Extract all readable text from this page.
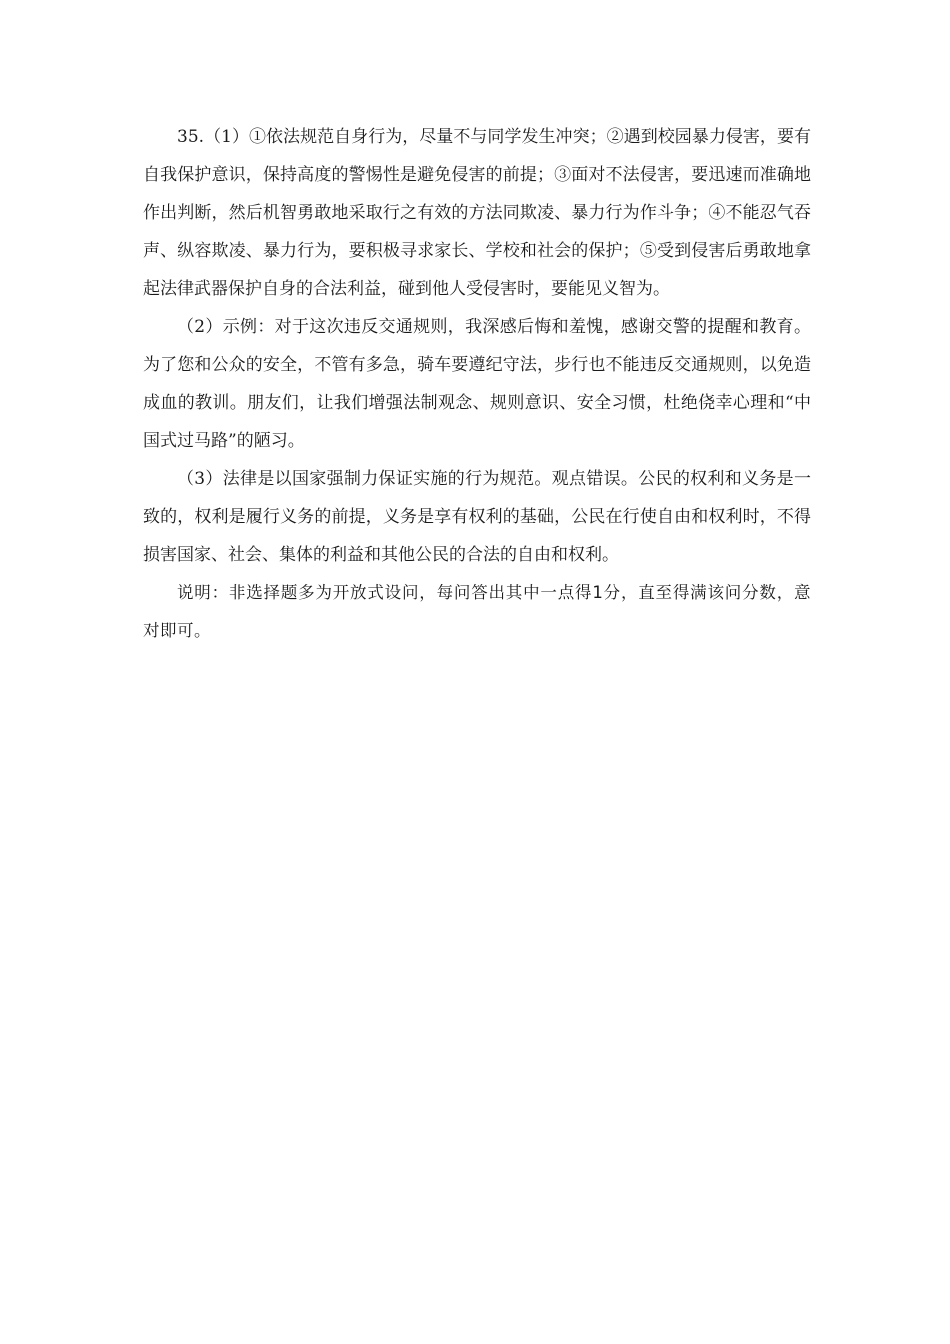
35.（1）①依法规范自身行为，尽量不与同学发生冲突；②遇到校园暴力侵害，要有自我保护意识，保持高度的警惕性是避免侵害的前提；③面对不法侵害，要迅速而准确地作出判断，然后机智勇敢地采取行之有效的方法同欺凌、暴力行为作斗争；④不能忍气吞声、纵容欺凌、暴力行为，要积极寻求家长、学校和社会的保护；⑤受到侵害后勇敢地拿起法律武器保护自身的合法利益，碰到他人受侵害时，要能见义智为。

（2）示例：对于这次违反交通规则，我深感后悔和羞愧，感谢交警的提醒和教育。为了您和公众的安全，不管有多急，骑车要遵纪守法，步行也不能违反交通规则，以免造成血的教训。朋友们，让我们增强法制观念、规则意识、安全习惯，杜绝侥幸心理和“中国式过马路”的陋习。

（3）法律是以国家强制力保证实施的行为规范。观点错误。公民的权利和义务是一致的，权利是履行义务的前提，义务是享有权利的基础，公民在行使自由和权利时，不得损害国家、社会、集体的利益和其他公民的合法的自由和权利。

说明：非选择题多为开放式设问，每问答出其中一点得1分，直至得满该问分数，意对即可。
